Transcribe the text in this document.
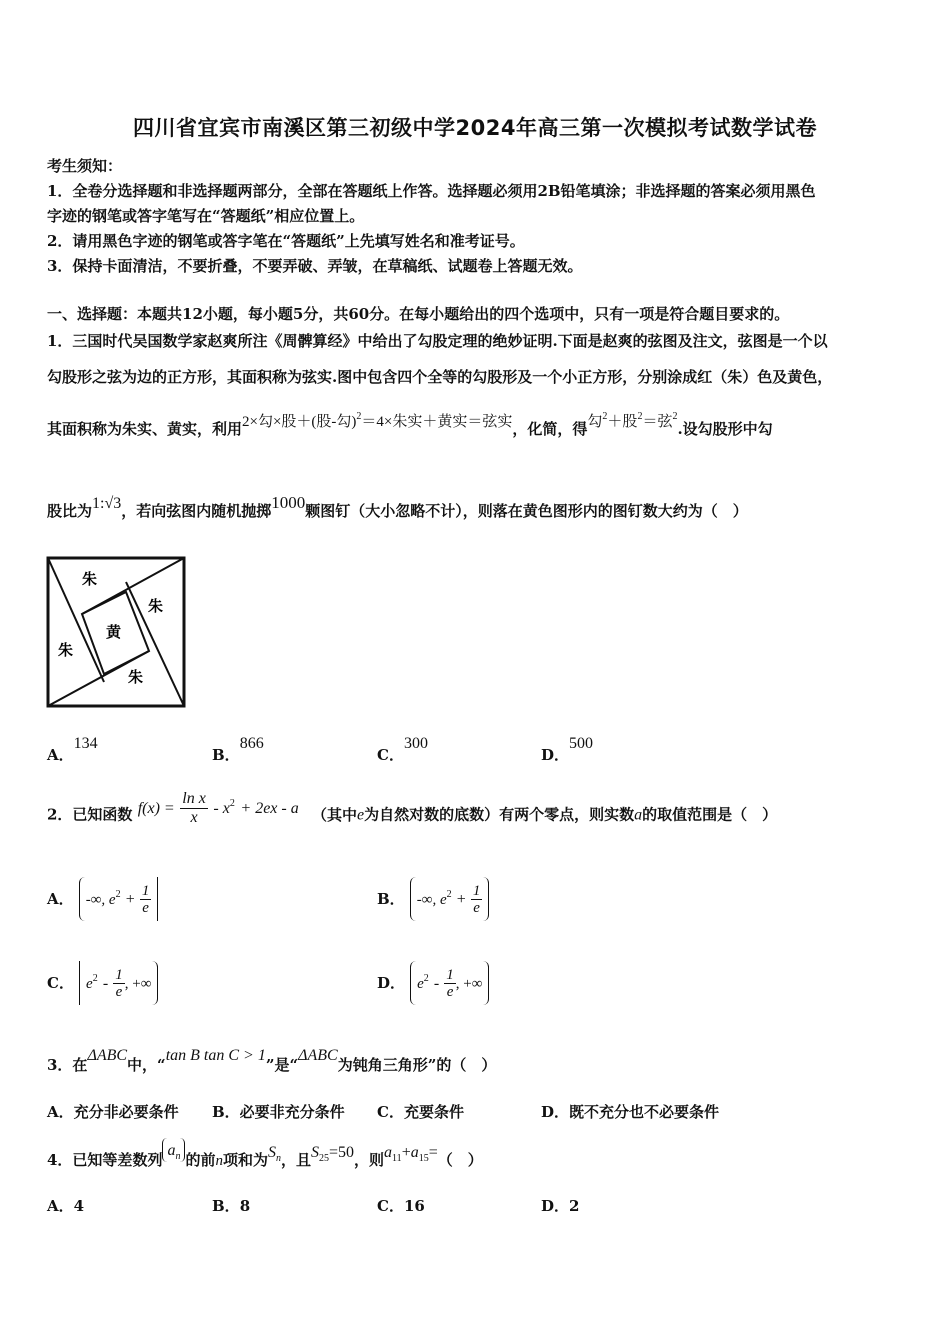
四川省宜宾市南溪区第三初级中学2024年高三第一次模拟考试数学试卷
考生须知：
1．全卷分选择题和非选择题两部分，全部在答题纸上作答。选择题必须用2B铅笔填涂；非选择题的答案必须用黑色
字迹的钢笔或答字笔写在“答题纸”相应位置上。
2．请用黑色字迹的钢笔或答字笔在“答题纸”上先填写姓名和准考证号。
3．保持卡面清洁，不要折叠，不要弄破、弄皱，在草稿纸、试题卷上答题无效。
一、选择题：本题共12小题，每小题5分，共60分。在每小题给出的四个选项中，只有一项是符合题目要求的。
1．三国时代吴国数学家赵爽所注《周髀算经》中给出了勾股定理的绝妙证明.下面是赵爽的弦图及注文，弦图是一个以
勾股形之弦为边的正方形，其面积称为弦实.图中包含四个全等的勾股形及一个小正方形，分别涂成红（朱）色及黄色，
其面积称为朱实、黄实，利用2×勾×股＋(股-勾)$^2$＝4×朱实＋黄实＝弦实，化简，得勾$^2$＋股$^2$＝弦$^2$.设勾股形中勾
股比为1:√3，若向弦图内随机抛掷1000颗图钉（大小忽略不计），则落在黄色图形内的图钉数大约为（　）
朱
朱
黄
朱
朱
A．134
B．866
C．300
D．500
2．已知函数 $f(x) = \frac{\text{ln x}}{x} - x^2 + 2ex - a$ （其中e为自然对数的底数）有两个零点，则实数a的取值范围是（　）
A． -∞, $e^2 + \frac{1}{e}$	B． -∞, $e^2 + \frac{1}{e}$
C． $e^2 - \frac{1}{e}$ , +∞	D． $e^2 - \frac{1}{e}$ , +∞
3．在ΔABC中，“tan B tan C > 1”是“ΔABC为钝角三角形”的（　）
A．充分非必要条件 B．必要非充分条件 C．充要条件	D．既不充分也不必要条件
4．已知等差数列$a_n$ 的前n项和为$S_n$，且$S_{25}=50$，则$a_{11}+a_{15}=$（　）
A．4	B．8	C．16	D．2
